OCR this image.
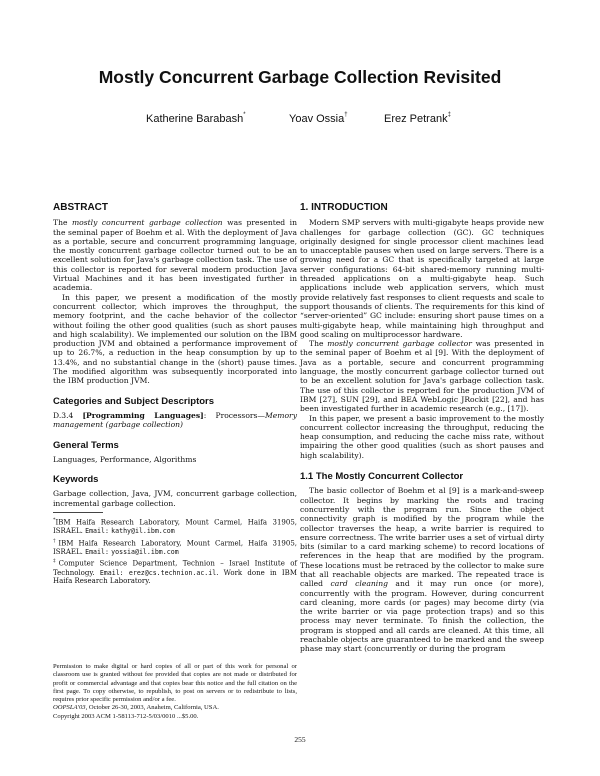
Mostly Concurrent Garbage Collection Revisited
Katherine Barabash*	Yoav Ossia†	Erez Petrank‡
ABSTRACT

The mostly concurrent garbage collection was presented in the seminal paper of Boehm et al. With the deployment of Java as a portable, secure and concurrent programming language, the mostly concurrent garbage collector turned out to be an excellent solution for Java's garbage collection task. The use of this collector is reported for several modern production Java Virtual Machines and it has been investigated further in academia.

In this paper, we present a modification of the mostly concurrent collector, which improves the throughput, the memory footprint, and the cache behavior of the collector without foiling the other good qualities (such as short pauses and high scalability). We implemented our solution on the IBM production JVM and obtained a performance improvement of up to 26.7%, a reduction in the heap consumption by up to 13.4%, and no substantial change in the (short) pause times. The modified algorithm was subsequently incorporated into the IBM production JVM.

Categories and Subject Descriptors

D.3.4 [Programming Languages]: Processors—Memory management (garbage collection)

General Terms

Languages, Performance, Algorithms

Keywords

Garbage collection, Java, JVM, concurrent garbage collection, incremental garbage collection.

*IBM Haifa Research Laboratory, Mount Carmel, Haifa 31905, ISRAEL. Email: kathy@il.ibm.com

†IBM Haifa Research Laboratory, Mount Carmel, Haifa 31905, ISRAEL. Email: yossia@il.ibm.com

‡Computer Science Department, Technion – Israel Institute of Technology. Email: erez@cs.technion.ac.il. Work done in IBM Haifa Research Laboratory.

Permission to make digital or hard copies of all or part of this work for personal or classroom use is granted without fee provided that copies are not made or distributed for profit or commercial advantage and that copies bear this notice and the full citation on the first page. To copy otherwise, to republish, to post on servers or to redistribute to lists, requires prior specific permission and/or a fee.
OOPSLA'03, October 26-30, 2003, Anaheim, California, USA.
Copyright 2003 ACM 1-58113-712-5/03/0010 ...$5.00.
1. INTRODUCTION

Modern SMP servers with multi-gigabyte heaps provide new challenges for garbage collection (GC). GC techniques originally designed for single processor client machines lead to unacceptable pauses when used on large servers. There is a growing need for a GC that is specifically targeted at large server configurations: 64-bit shared-memory running multi-threaded applications on a multi-gigabyte heap. Such applications include web application servers, which must provide relatively fast responses to client requests and scale to support thousands of clients. The requirements for this kind of “server-oriented” GC include: ensuring short pause times on a multi-gigabyte heap, while maintaining high throughput and good scaling on multiprocessor hardware.

The mostly concurrent garbage collector was presented in the seminal paper of Boehm et al [9]. With the deployment of Java as a portable, secure and concurrent programming language, the mostly concurrent garbage collector turned out to be an excellent solution for Java's garbage collection task. The use of this collector is reported for the production JVM of IBM [27], SUN [29], and BEA WebLogic JRockit [22], and has been investigated further in academic research (e.g., [17]).

In this paper, we present a basic improvement to the mostly concurrent collector increasing the throughput, reducing the heap consumption, and reducing the cache miss rate, without impairing the other good qualities (such as short pauses and high scalability).

1.1 The Mostly Concurrent Collector

The basic collector of Boehm et al [9] is a mark-and-sweep collector. It begins by marking the roots and tracing concurrently with the program run. Since the object connectivity graph is modified by the program while the collector traverses the heap, a write barrier is required to ensure correctness. The write barrier uses a set of virtual dirty bits (similar to a card marking scheme) to record locations of references in the heap that are modified by the program. These locations must be retraced by the collector to make sure that all reachable objects are marked. The repeated trace is called card cleaning and it may run once (or more), concurrently with the program. However, during concurrent card cleaning, more cards (or pages) may become dirty (via the write barrier or via page protection traps) and so this process may never terminate. To finish the collection, the program is stopped and all cards are cleaned. At this time, all reachable objects are guaranteed to be marked and the sweep phase may start (concurrently or during the program

255
